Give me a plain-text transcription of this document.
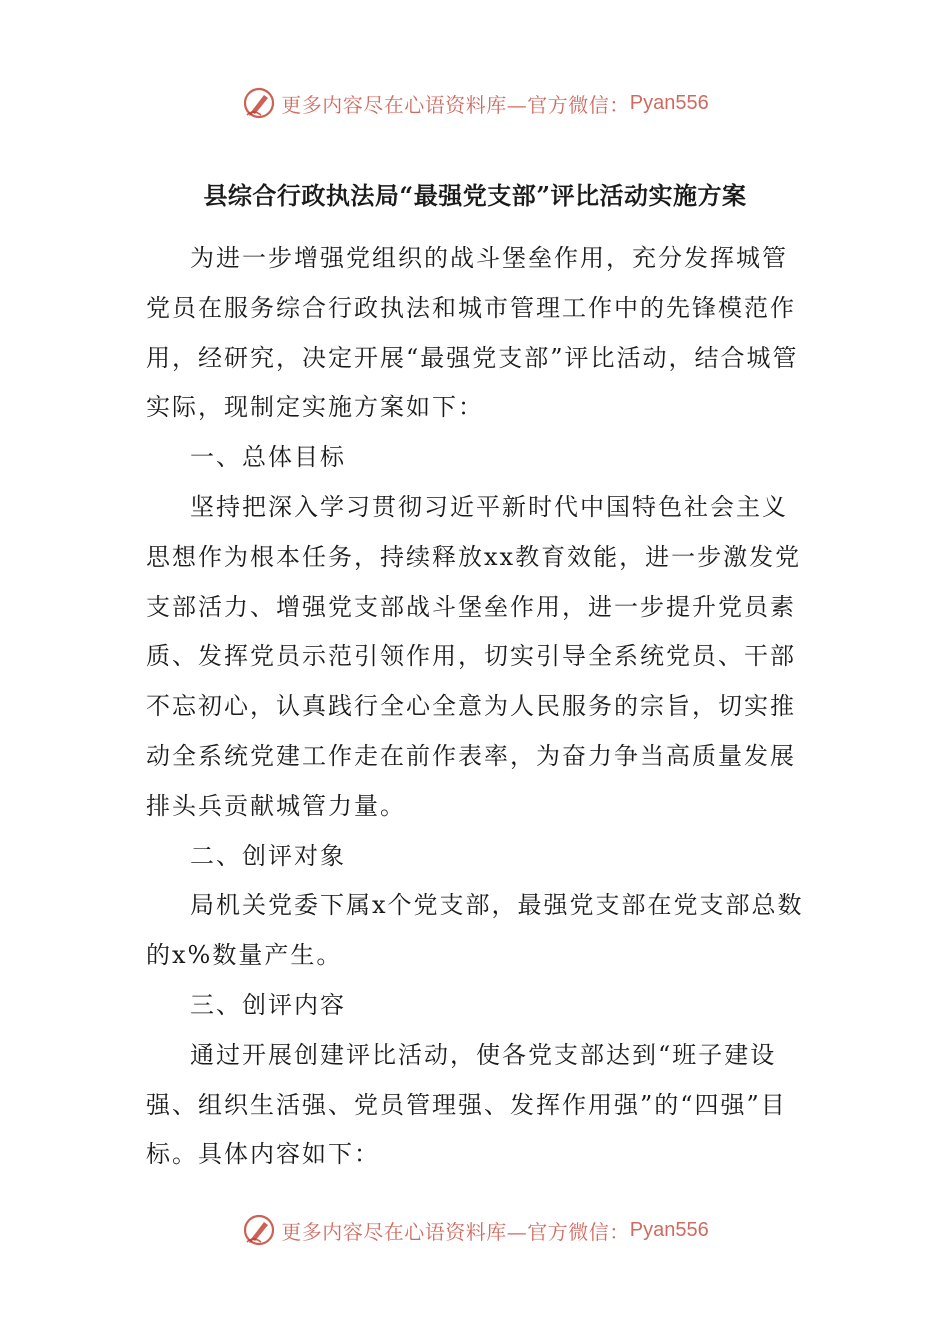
更多内容尽在心语资料库—官方微信： Pyan556
县综合行政执法局“最强党支部”评比活动实施方案

为进一步增强党组织的战斗堡垒作用，充分发挥城管党员在服务综合行政执法和城市管理工作中的先锋模范作用，经研究，决定开展“最强党支部”评比活动，结合城管实际，现制定实施方案如下：

一、总体目标

坚持把深入学习贯彻习近平新时代中国特色社会主义思想作为根本任务，持续释放xx教育效能，进一步激发党支部活力、增强党支部战斗堡垒作用，进一步提升党员素质、发挥党员示范引领作用，切实引导全系统党员、干部不忘初心，认真践行全心全意为人民服务的宗旨，切实推动全系统党建工作走在前作表率，为奋力争当高质量发展排头兵贡献城管力量。

二、创评对象

局机关党委下属x个党支部，最强党支部在党支部总数的x%数量产生。

三、创评内容

通过开展创建评比活动，使各党支部达到“班子建设强、组织生活强、党员管理强、发挥作用强”的“四强”目标。具体内容如下：

更多内容尽在心语资料库—官方微信： Pyan556
